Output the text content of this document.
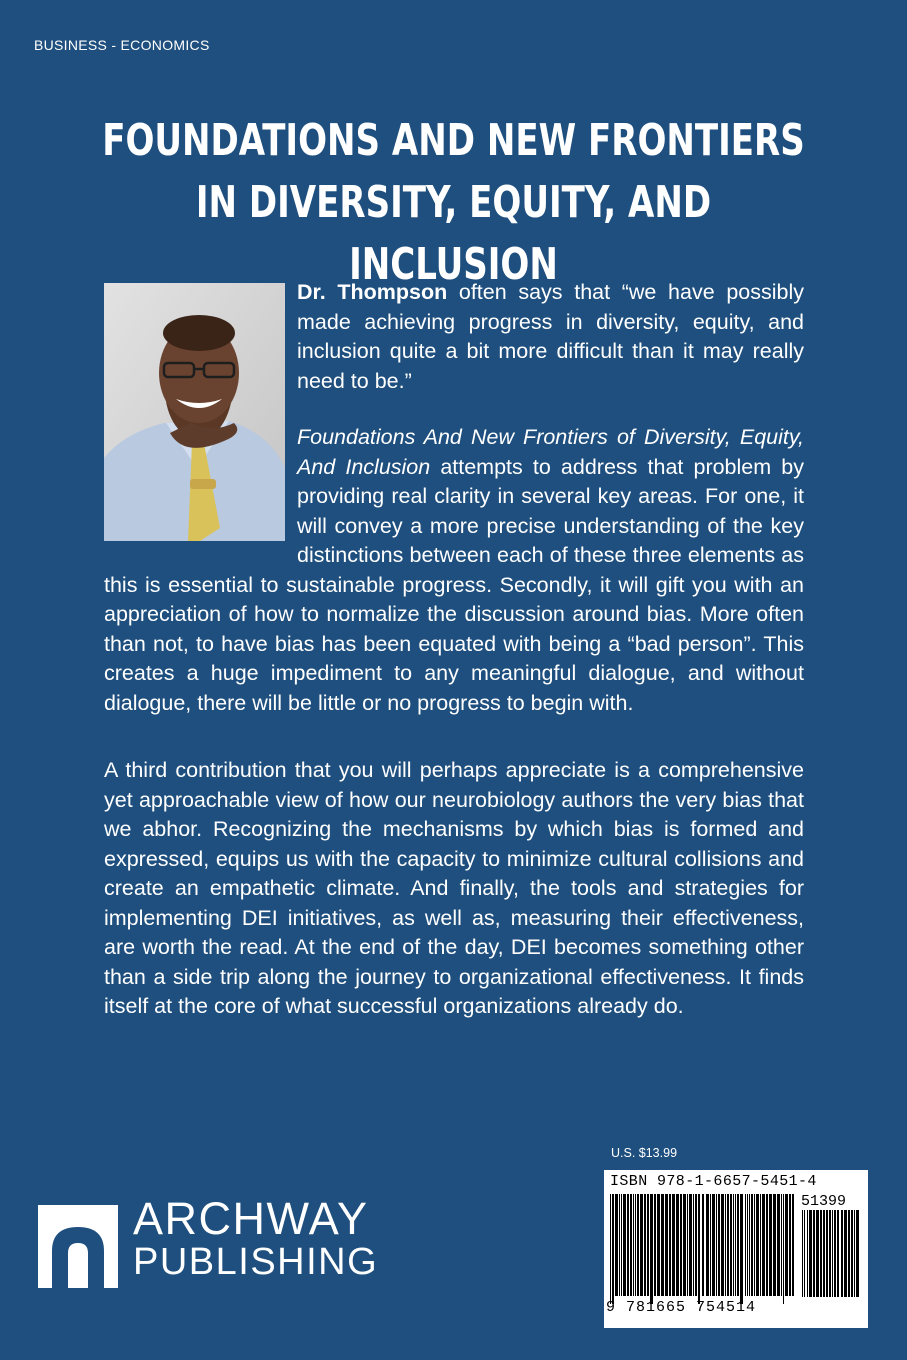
BUSINESS - ECONOMICS
FOUNDATIONS AND NEW FRONTIERS
IN DIVERSITY, EQUITY, AND INCLUSION

Dr. Thompson often says that “we have possibly made achieving progress in diversity, equity, and inclusion quite a bit more difficult than it may really need to be.”

Foundations And New Frontiers of Diversity, Equity, And Inclusion attempts to address that problem by providing real clarity in several key areas. For one, it will convey a more precise understanding of the key distinctions between each of these three elements as this is essential to sustainable progress. Secondly, it will gift you with an appreciation of how to normalize the discussion around bias. More often than not, to have bias has been equated with being a “bad person”. This creates a huge impediment to any meaningful dialogue, and without dialogue, there will be little or no progress to begin with.

A third contribution that you will perhaps appreciate is a comprehensive yet approachable view of how our neurobiology authors the very bias that we abhor. Recognizing the mechanisms by which bias is formed and expressed, equips us with the capacity to minimize cultural collisions and create an empathetic climate. And finally, the tools and strategies for implementing DEI initiatives, as well as, measuring their effectiveness, are worth the read. At the end of the day, DEI becomes something other than a side trip along the journey to organizational effectiveness. It finds itself at the core of what successful organizations already do.

U.S. $13.99
ISBN 978-1-6657-5451-4
51399
9 781665 754514
ARCHWAY
PUBLISHING
